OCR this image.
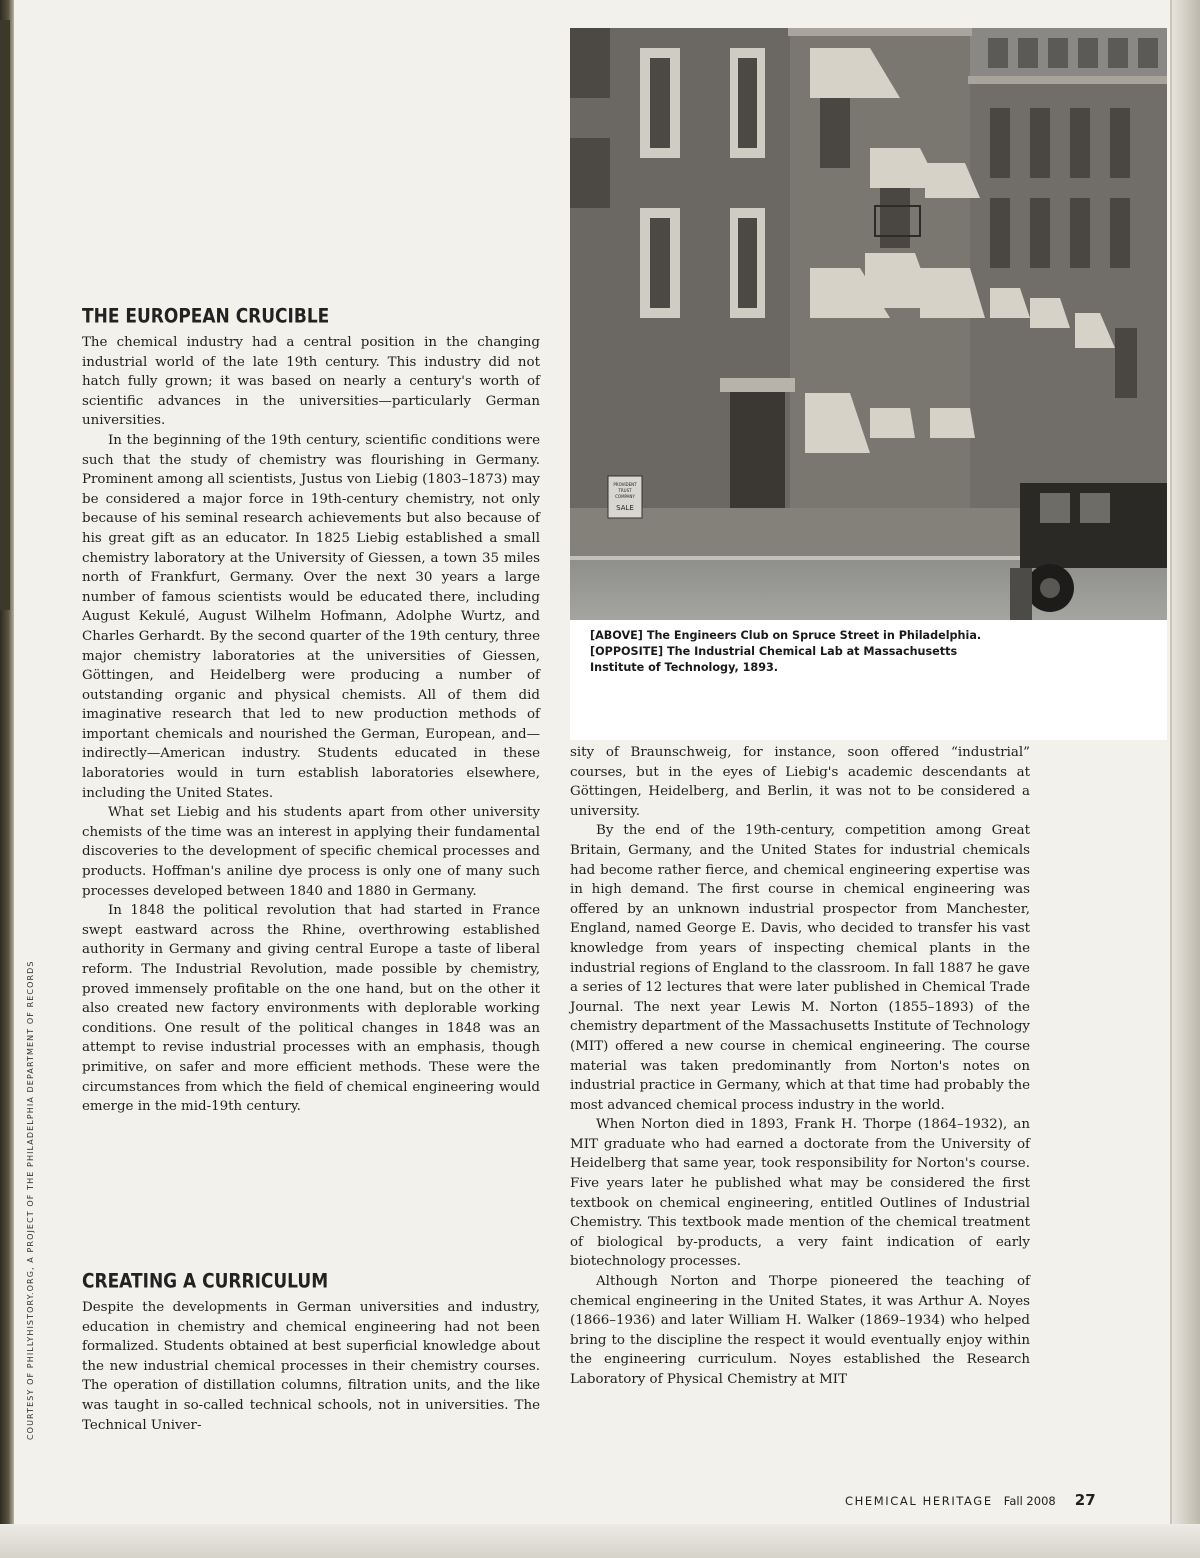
PROVIDENT
TRUST
COMPANY
SALE

[ABOVE] The Engineers Club on Spruce Street in Philadelphia.

[OPPOSITE] The Industrial Chemical Lab at Massachusetts Institute of Technology, 1893.

COURTESY OF PHILLYHISTORY.ORG, A PROJECT OF THE PHILADELPHIA DEPARTMENT OF RECORDS
THE EUROPEAN CRUCIBLE

The chemical industry had a central position in the changing industrial world of the late 19th century. This industry did not hatch fully grown; it was based on nearly a century's worth of scientific advances in the universities—particularly German universities.

In the beginning of the 19th century, scientific conditions were such that the study of chemistry was flourishing in Germany. Prominent among all scientists, Justus von Liebig (1803–1873) may be considered a major force in 19th-century chemistry, not only because of his seminal research achievements but also because of his great gift as an educator. In 1825 Liebig established a small chemistry laboratory at the University of Giessen, a town 35 miles north of Frankfurt, Germany. Over the next 30 years a large number of famous scientists would be educated there, including August Kekulé, August Wilhelm Hofmann, Adolphe Wurtz, and Charles Gerhardt. By the second quarter of the 19th century, three major chemistry laboratories at the universities of Giessen, Göttingen, and Heidelberg were producing a number of outstanding organic and physical chemists. All of them did imaginative research that led to new production methods of important chemicals and nourished the German, European, and—indirectly—American industry. Students educated in these laboratories would in turn establish laboratories elsewhere, including the United States.

What set Liebig and his students apart from other university chemists of the time was an interest in applying their fundamental discoveries to the development of specific chemical processes and products. Hoffman's aniline dye process is only one of many such processes developed between 1840 and 1880 in Germany.

In 1848 the political revolution that had started in France swept eastward across the Rhine, overthrowing established authority in Germany and giving central Europe a taste of liberal reform. The Industrial Revolution, made possible by chemistry, proved immensely profitable on the one hand, but on the other it also created new factory environments with deplorable working conditions. One result of the political changes in 1848 was an attempt to revise industrial processes with an emphasis, though primitive, on safer and more efficient methods. These were the circumstances from which the field of chemical engineering would emerge in the mid-19th century.

CREATING A CURRICULUM

Despite the developments in German universities and industry, education in chemistry and chemical engineering had not been formalized. Students obtained at best superficial knowledge about the new industrial chemical processes in their chemistry courses. The operation of distillation columns, filtration units, and the like was taught in so-called technical schools, not in universities. The Technical Univer-

sity of Braunschweig, for instance, soon offered “industrial” courses, but in the eyes of Liebig's academic descendants at Göttingen, Heidelberg, and Berlin, it was not to be considered a university.

By the end of the 19th-century, competition among Great Britain, Germany, and the United States for industrial chemicals had become rather fierce, and chemical engineering expertise was in high demand. The first course in chemical engineering was offered by an unknown industrial prospector from Manchester, England, named George E. Davis, who decided to transfer his vast knowledge from years of inspecting chemical plants in the industrial regions of England to the classroom. In fall 1887 he gave a series of 12 lectures that were later published in Chemical Trade Journal. The next year Lewis M. Norton (1855–1893) of the chemistry department of the Massachusetts Institute of Technology (MIT) offered a new course in chemical engineering. The course material was taken predominantly from Norton's notes on industrial practice in Germany, which at that time had probably the most advanced chemical process industry in the world.

When Norton died in 1893, Frank H. Thorpe (1864–1932), an MIT graduate who had earned a doctorate from the University of Heidelberg that same year, took responsibility for Norton's course. Five years later he published what may be considered the first textbook on chemical engineering, entitled Outlines of Industrial Chemistry. This textbook made mention of the chemical treatment of biological by-products, a very faint indication of early biotechnology processes.

Although Norton and Thorpe pioneered the teaching of chemical engineering in the United States, it was Arthur A. Noyes (1866–1936) and later William H. Walker (1869–1934) who helped bring to the discipline the respect it would eventually enjoy within the engineering curriculum. Noyes established the Research Laboratory of Physical Chemistry at MIT

CHEMICAL HERITAGE Fall 2008 27
